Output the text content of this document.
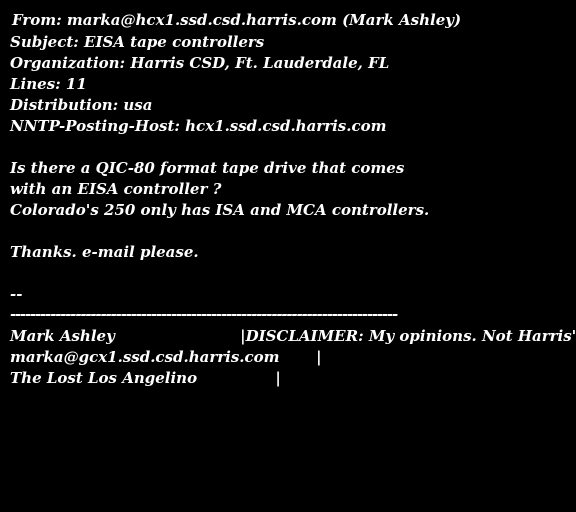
From: marka@hcx1.ssd.csd.harris.com (Mark Ashley)
Subject: EISA tape controllers
Organization: Harris CSD, Ft. Lauderdale, FL
Lines: 11
Distribution: usa
NNTP-Posting-Host: hcx1.ssd.csd.harris.com
Is there a QIC-80 format tape drive that comes
with an EISA controller ?
Colorado's 250 only has ISA and MCA controllers.
Thanks. e-mail please.
--
-----------------------------------------------------------------------------
Mark Ashley                        |DISCLAIMER: My opinions. Not Harris'
marka@gcx1.ssd.csd.harris.com       |
The Lost Los Angelino               |
